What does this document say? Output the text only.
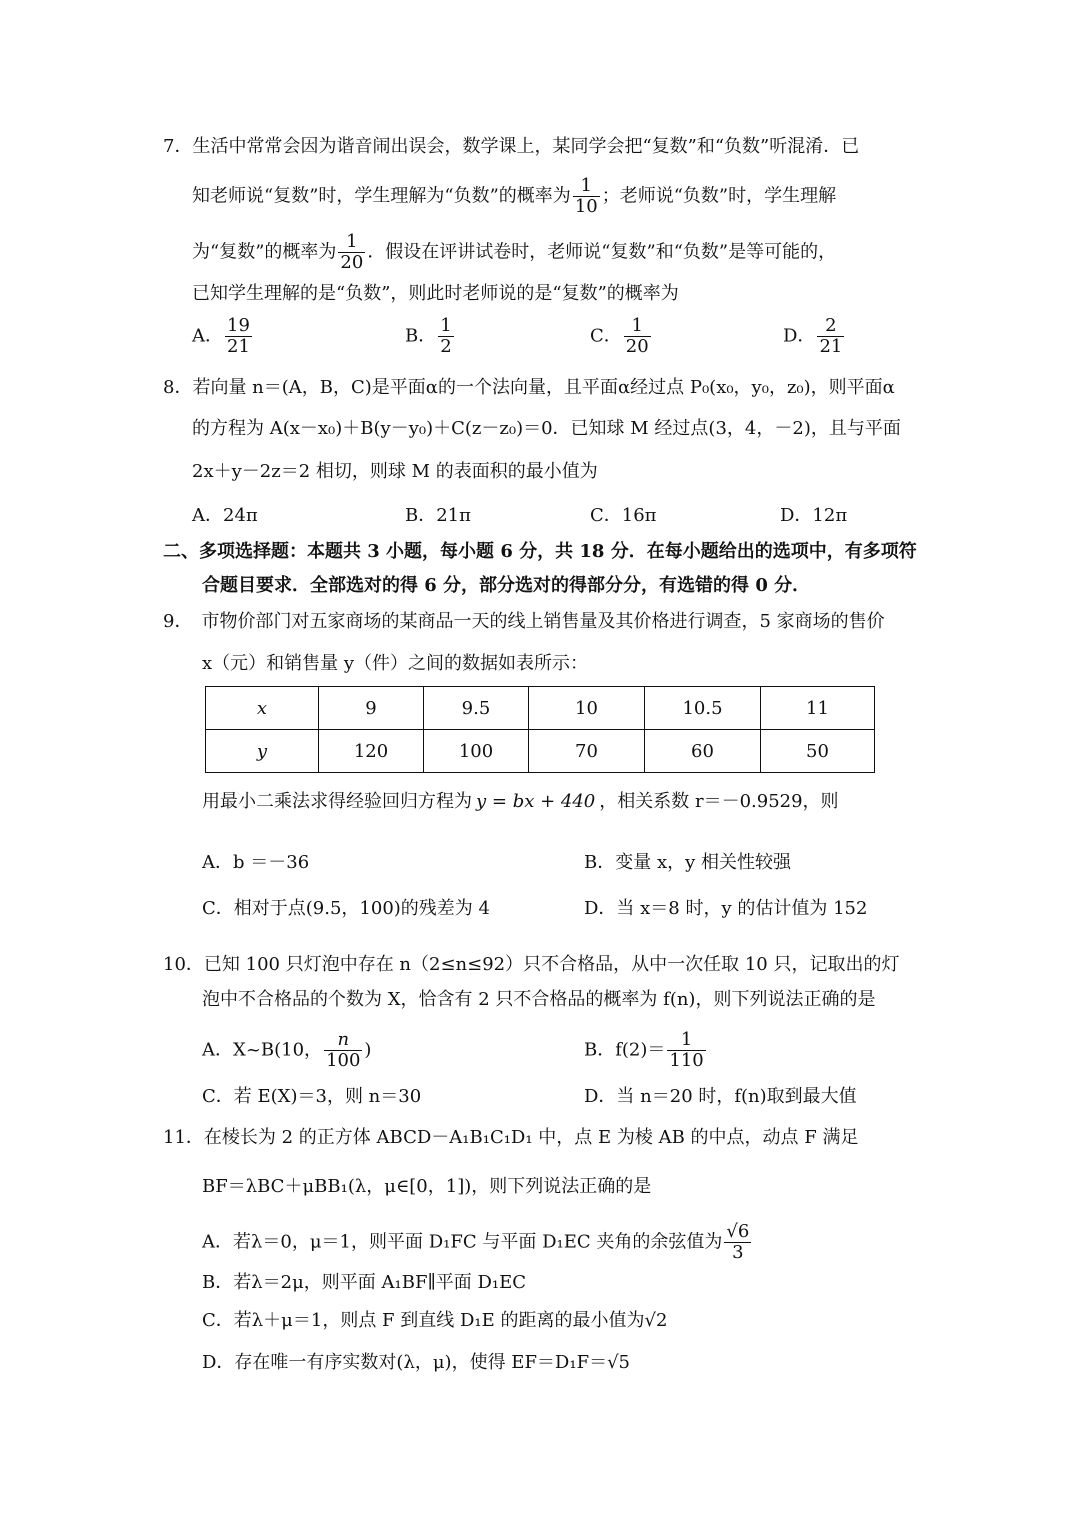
7．生活中常常会因为谐音闹出误会，数学课上，某同学会把“复数”和“负数”听混淆．已
知老师说“复数”时，学生理解为“负数”的概率为 $\frac{1}{10}$ ；老师说“负数”时，学生理解
为“复数”的概率为 $\frac{1}{20}$ ．假设在评讲试卷时，老师说“复数”和“负数”是等可能的，
已知学生理解的是“负数”，则此时老师说的是“复数”的概率为
A． $\frac{19}{21}$	B． $\frac{1}{2}$	C． $\frac{1}{20}$	D． $\frac{2}{21}$
8．若向量 n＝(A，B，C)是平面α的一个法向量，且平面α经过点 P₀(x₀，y₀，z₀)，则平面α
的方程为 A(x－x₀)＋B(y－y₀)＋C(z－z₀)＝0．已知球 M 经过点(3，4，－2)，且与平面
2x＋y－2z＝2 相切，则球 M 的表面积的最小值为
A．24π	B．21π	C．16π	D．12π
二、多项选择题：本题共 3 小题，每小题 6 分，共 18 分．在每小题给出的选项中，有多项符
合题目要求．全部选对的得 6 分，部分选对的得部分分，有选错的得 0 分．
9．　市物价部门对五家商场的某商品一天的线上销售量及其价格进行调查，5 家商场的售价
x（元）和销售量 y（件）之间的数据如表所示：
x	9	9.5	10	10.5	11
y	120	100	70	60	50
用最小二乘法求得经验回归方程为 y = bx + 440 ，相关系数 r＝－0.9529，则
A．b ＝－36	B．变量 x，y 相关性较强
C．相对于点(9.5，100)的残差为 4	D．当 x＝8 时，y 的估计值为 152
10．已知 100 只灯泡中存在 n（2≤n≤92）只不合格品，从中一次任取 10 只，记取出的灯
泡中不合格品的个数为 X，恰含有 2 只不合格品的概率为 f(n)，则下列说法正确的是
A．X~B(10， $\frac{n}{100}$ )	B．$f(2)= \frac{1}{110}$
C．若 E(X)＝3，则 n＝30	D．当 n＝20 时，f(n)取到最大值
11．在棱长为 2 的正方体 ABCD－A₁B₁C₁D₁ 中，点 E 为棱 AB 的中点，动点 F 满足
BF＝λBC＋μBB₁(λ，μ∈[0，1])，则下列说法正确的是
A．若λ＝0，μ＝1，则平面 D₁FC 与平面 D₁EC 夹角的余弦值为 $\frac{√6}{3}$
B．若λ＝2μ，则平面 A₁BF∥平面 D₁EC
C．若λ＋μ＝1，则点 F 到直线 D₁E 的距离的最小值为√2
D．存在唯一有序实数对(λ，μ)，使得 EF＝D₁F＝√5
